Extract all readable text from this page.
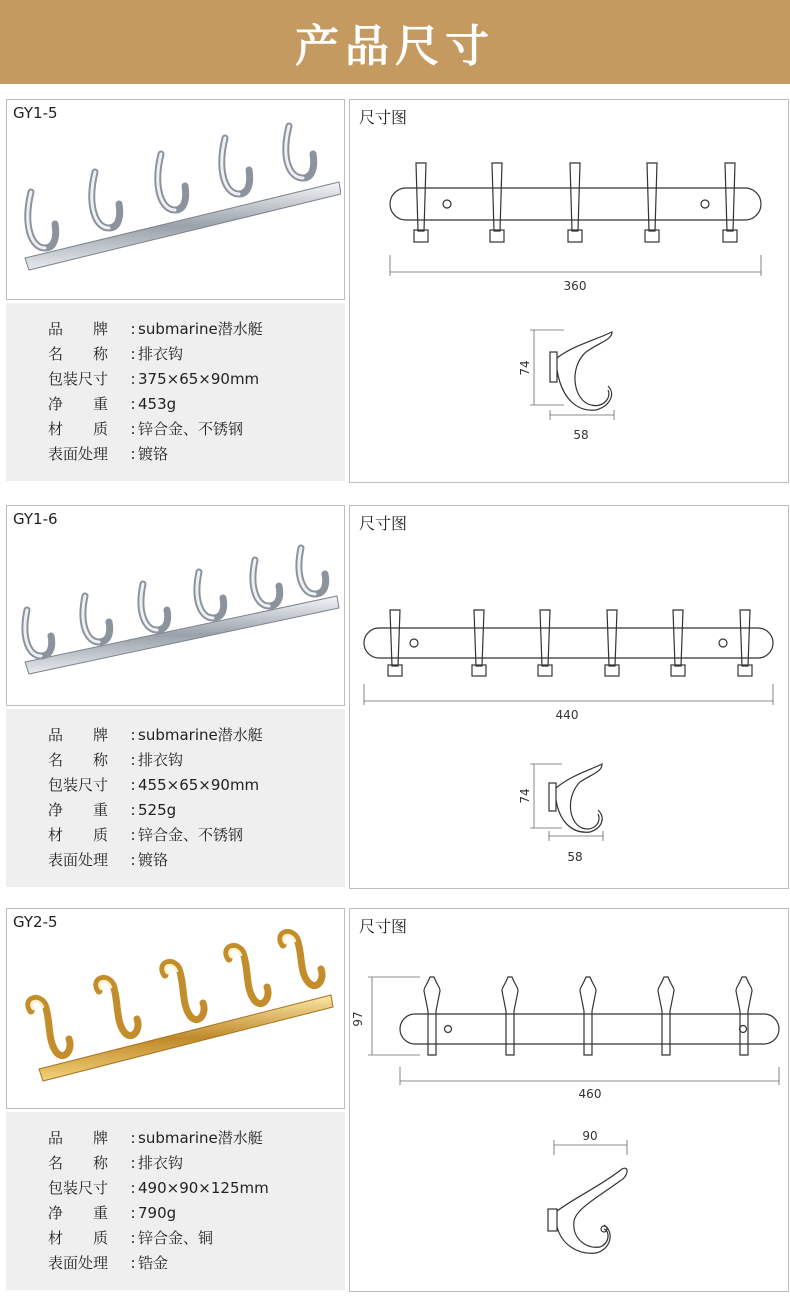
产品尺寸
GY1-5
品　　牌	: submarine潜水艇
名　　称	: 排衣钩
包装尺寸	: 375×65×90mm
净　　重	: 453g
材　　质	: 锌合金、不锈钢
表面处理	: 镀铬
尺寸图
360
74
58
GY1-6
品　　牌	: submarine潜水艇
名　　称	: 排衣钩
包装尺寸	: 455×65×90mm
净　　重	: 525g
材　　质	: 锌合金、不锈钢
表面处理	: 镀铬
尺寸图
440
74
58
GY2-5
品　　牌	: submarine潜水艇
名　　称	: 排衣钩
包装尺寸	: 490×90×125mm
净　　重	: 790g
材　　质	: 锌合金、铜
表面处理	: 锆金
尺寸图
97
460
90
